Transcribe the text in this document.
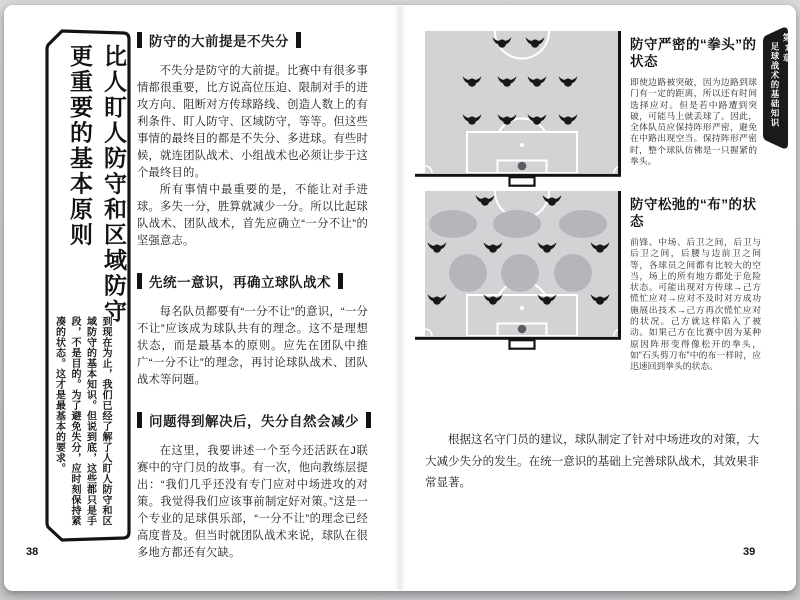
比人盯人防守和区域防守
更重要的基本原则
到现在为止，我们已经了解了人盯人防守和区域防守的基本知识。但说到底，这些都只是手段，不是目的。为了避免失分，应时刻保持紧凑的状态。这才是最基本的要求。
防守的大前提是不失分

不失分是防守的大前提。比赛中有很多事情都很重要，比方说高位压迫、限制对手的进攻方向、阻断对方传球路线、创造人数上的有利条件、盯人防守、区域防守，等等。但这些事情的最终目的都是不失分、多进球。有些时候，就连团队战术、小组战术也必须让步于这个最终目的。

所有事情中最重要的是，不能让对手进球。多失一分，胜算就减少一分。所以比起球队战术、团队战术，首先应确立“一分不让”的坚强意志。

先统一意识，再确立球队战术

每名队员都要有“一分不让”的意识，“一分不让”应该成为球队共有的理念。这不是理想状态，而是最基本的原则。应先在团队中推广“一分不让”的理念，再讨论球队战术、团队战术等问题。

问题得到解决后，失分自然会减少

在这里，我要讲述一个至今还活跃在J联赛中的守门员的故事。有一次，他向教练层提出：“我们几乎还没有专门应对中场进攻的对策。我觉得我们应该事前制定好对策。”这是一个专业的足球俱乐部，“一分不让”的理念已经高度普及。但当时就团队战术来说，球队在很多地方都还有欠缺。

38
防守严密的“拳头”的状态

即使边路被突破，因为边路到球门有一定的距离，所以还有时间选择应对。但是若中路遭到突破，可能马上就丢球了。因此，全体队员应保持阵形严密，避免在中路出现空当。保持阵形严密时，整个球队仿佛是一只握紧的拳头。

防守松弛的“布”的状态

前锋、中场、后卫之间，后卫与后卫之间，后腰与边前卫之间等，各球员之间都有比较大的空当，场上的所有地方都处于危险状态。可能出现对方传球→己方慌忙应对→应对不及时对方成功施展出技术→己方再次慌忙应对的状况。己方就这样陷入了被动。如果己方在比赛中因为某种原因阵形变得像松开的拳头，如“石头剪刀布”中的布一样时，应迅速回到拳头的状态。

第1章 足球战术的基础知识
根据这名守门员的建议，球队制定了针对中场进攻的对策，大大减少失分的发生。在统一意识的基础上完善球队战术，其效果非常显著。
39
